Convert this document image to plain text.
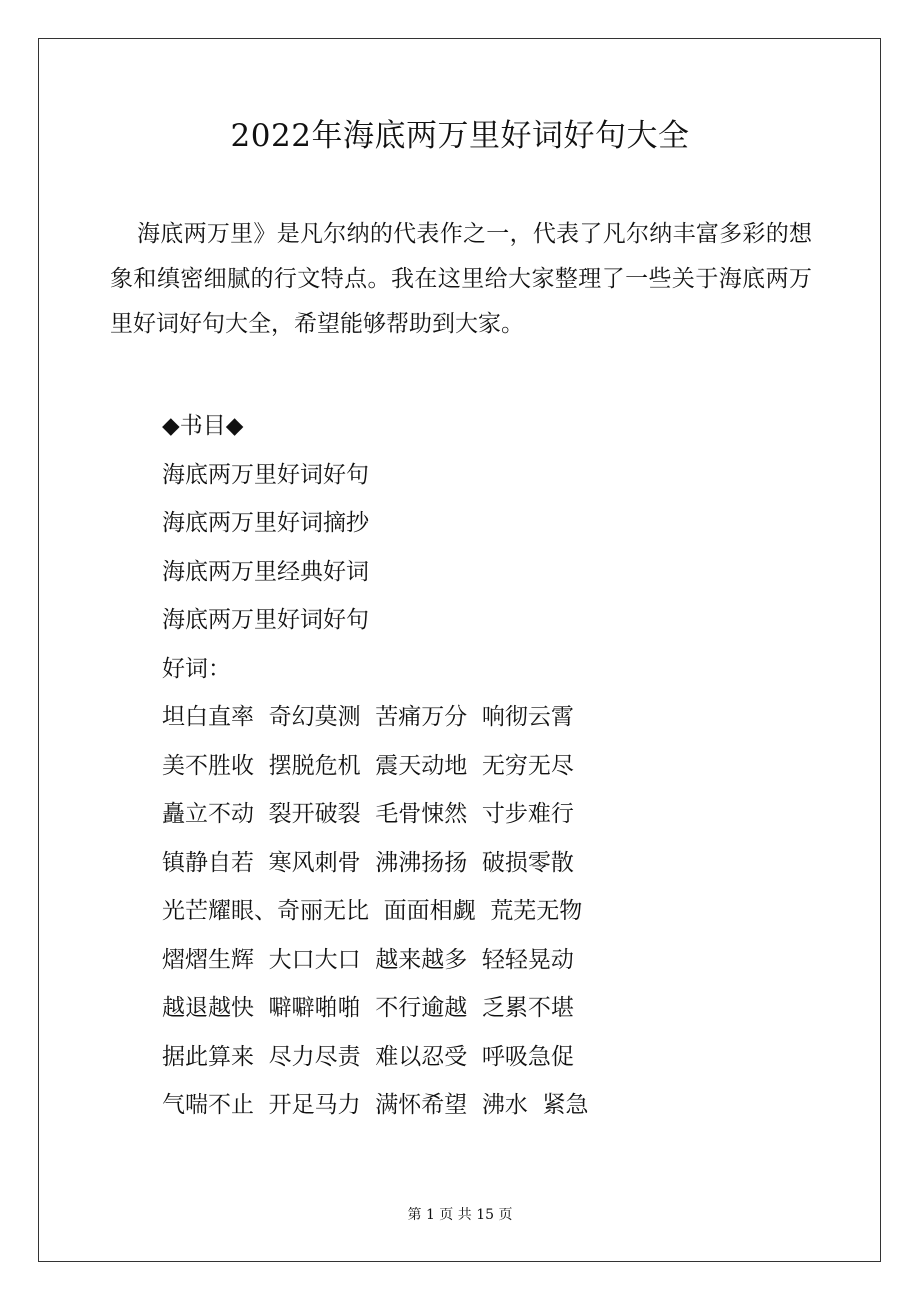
2022年海底两万里好词好句大全
海底两万里》是凡尔纳的代表作之一，代表了凡尔纳丰富多彩的想象和缜密细腻的行文特点。我在这里给大家整理了一些关于海底两万里好词好句大全，希望能够帮助到大家。
◆书目◆
海底两万里好词好句
海底两万里好词摘抄
海底两万里经典好词
海底两万里好词好句
好词：
坦白直率  奇幻莫测  苦痛万分  响彻云霄
美不胜收  摆脱危机  震天动地  无穷无尽
矗立不动  裂开破裂  毛骨悚然  寸步难行
镇静自若  寒风刺骨  沸沸扬扬  破损零散
光芒耀眼、奇丽无比  面面相觑  荒芜无物
熠熠生辉  大口大口  越来越多  轻轻晃动
越退越快  噼噼啪啪  不行逾越  乏累不堪
据此算来  尽力尽责  难以忍受  呼吸急促
气喘不止  开足马力  满怀希望  沸水  紧急
第 1 页 共 15 页
